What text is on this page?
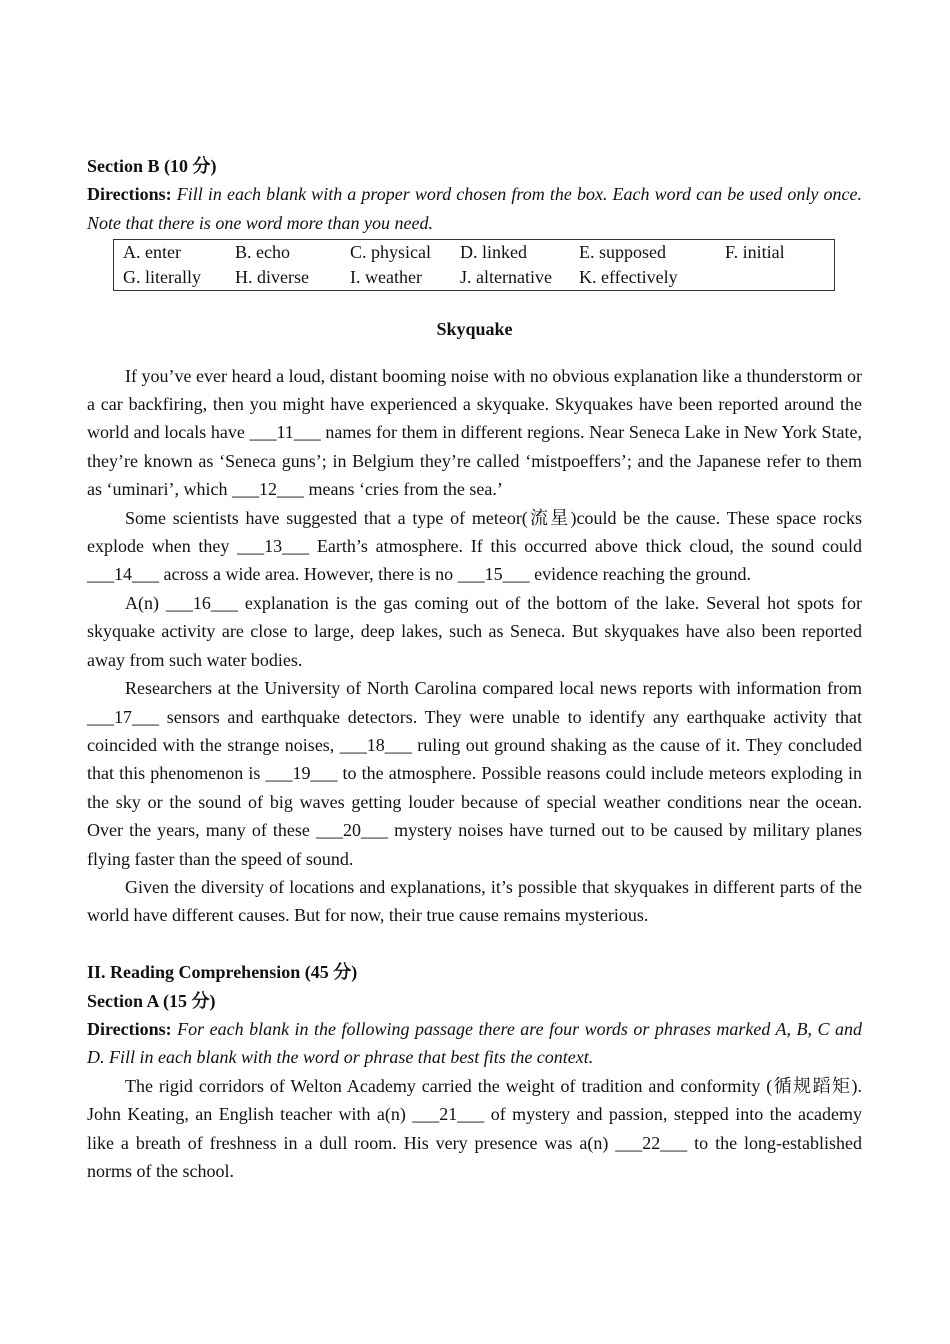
Section B (10 分)

Directions: Fill in each blank with a proper word chosen from the box. Each word can be used only once. Note that there is one word more than you need.

A. enter	B. echo	C. physical	D. linked	E. supposed	F. initial
G. literally	H. diverse	I. weather	J. alternative	K. effectively

Skyquake

If you’ve ever heard a loud, distant booming noise with no obvious explanation like a thunderstorm or a car backfiring, then you might have experienced a skyquake. Skyquakes have been reported around the world and locals have ___11___ names for them in different regions. Near Seneca Lake in New York State, they’re known as ‘Seneca guns’; in Belgium they’re called ‘mistpoeffers’; and the Japanese refer to them as ‘uminari’, which ___12___ means ‘cries from the sea.’

Some scientists have suggested that a type of meteor(流星)could be the cause. These space rocks explode when they ___13___ Earth’s atmosphere. If this occurred above thick cloud, the sound could ___14___ across a wide area. However, there is no ___15___ evidence reaching the ground.

A(n) ___16___ explanation is the gas coming out of the bottom of the lake. Several hot spots for skyquake activity are close to large, deep lakes, such as Seneca. But skyquakes have also been reported away from such water bodies.

Researchers at the University of North Carolina compared local news reports with information from ___17___ sensors and earthquake detectors. They were unable to identify any earthquake activity that coincided with the strange noises, ___18___ ruling out ground shaking as the cause of it. They concluded that this phenomenon is ___19___ to the atmosphere. Possible reasons could include meteors exploding in the sky or the sound of big waves getting louder because of special weather conditions near the ocean. Over the years, many of these ___20___ mystery noises have turned out to be caused by military planes flying faster than the speed of sound.

Given the diversity of locations and explanations, it’s possible that skyquakes in different parts of the world have different causes. But for now, their true cause remains mysterious.

II. Reading Comprehension (45 分)

Section A (15 分)

Directions: For each blank in the following passage there are four words or phrases marked A, B, C and D. Fill in each blank with the word or phrase that best fits the context.

The rigid corridors of Welton Academy carried the weight of tradition and conformity (循规蹈矩). John Keating, an English teacher with a(n) ___21___ of mystery and passion, stepped into the academy like a breath of freshness in a dull room. His very presence was a(n) ___22___ to the long-established norms of the school.
